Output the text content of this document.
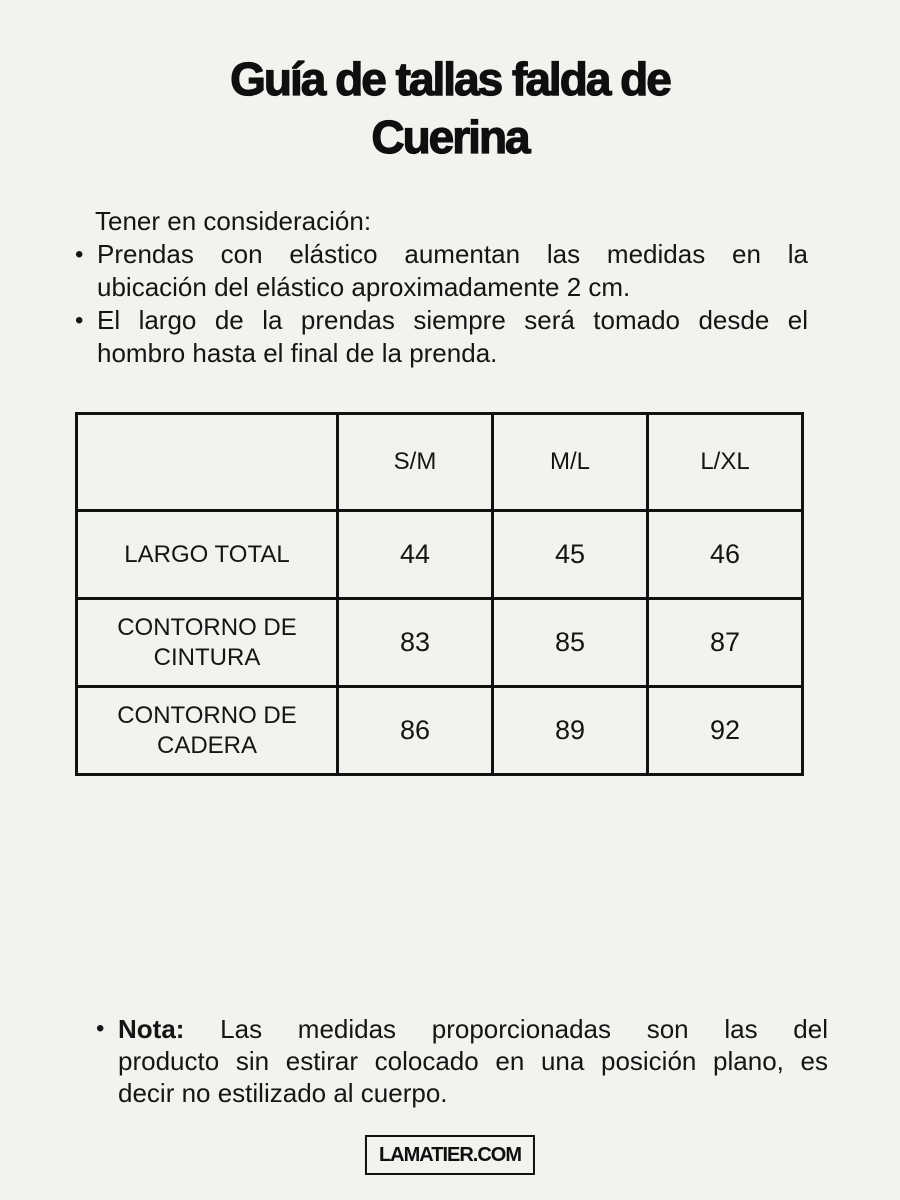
Guía de tallas falda de
Cuerina
Tener en consideración:
• Prendas con elástico aumentan las medidas en la
ubicación del elástico aproximadamente 2 cm.
• El largo de la prendas siempre será tomado desde el
hombro hasta el final de la prenda.
	S/M	M/L	L/XL
LARGO TOTAL	44	45	46
CONTORNO DE CINTURA	83	85	87
CONTORNO DE CADERA	86	89	92
• Nota: Las medidas proporcionadas son las del
producto sin estirar colocado en una posición plano, es
decir no estilizado al cuerpo.
LAMATIER.COM
